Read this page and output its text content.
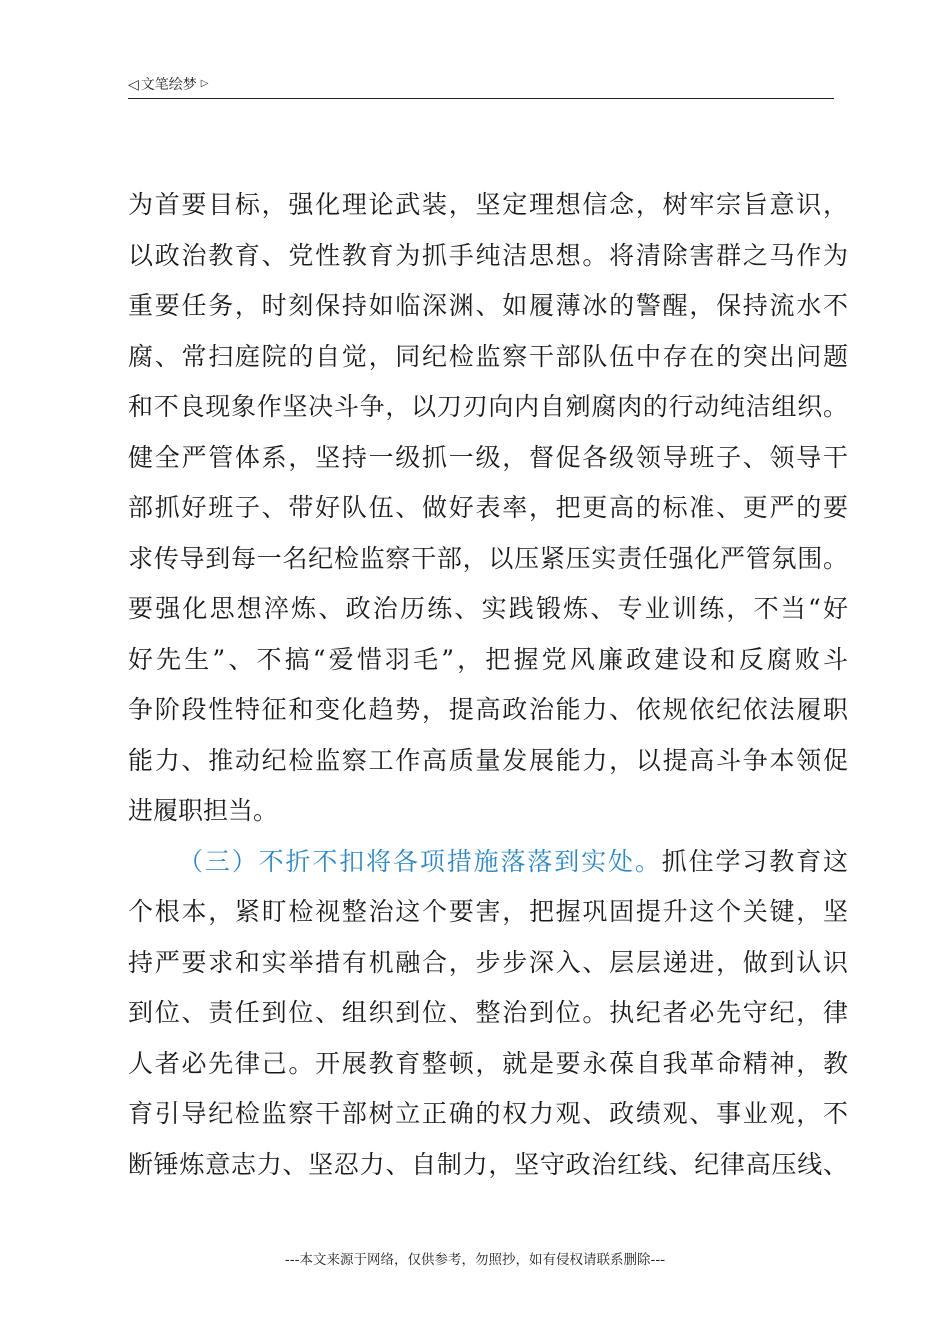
◁ 文笔绘梦 ▷
为首要目标，强化理论武装，坚定理想信念，树牢宗旨意识，
以政治教育、党性教育为抓手纯洁思想。将清除害群之马作为
重要任务，时刻保持如临深渊、如履薄冰的警醒，保持流水不
腐、常扫庭院的自觉，同纪检监察干部队伍中存在的突出问题
和不良现象作坚决斗争，以刀刃向内自剜腐肉的行动纯洁组织。
健全严管体系，坚持一级抓一级，督促各级领导班子、领导干
部抓好班子、带好队伍、做好表率，把更高的标准、更严的要
求传导到每一名纪检监察干部，以压紧压实责任强化严管氛围。
要强化思想淬炼、政治历练、实践锻炼、专业训练，不当“好
好先生”、不搞“爱惜羽毛”，把握党风廉政建设和反腐败斗
争阶段性特征和变化趋势，提高政治能力、依规依纪依法履职
能力、推动纪检监察工作高质量发展能力，以提高斗争本领促
进履职担当。
（三）不折不扣将各项措施落落到实处。抓住学习教育这
个根本，紧盯检视整治这个要害，把握巩固提升这个关键，坚
持严要求和实举措有机融合，步步深入、层层递进，做到认识
到位、责任到位、组织到位、整治到位。执纪者必先守纪，律
人者必先律己。开展教育整顿，就是要永葆自我革命精神，教
育引导纪检监察干部树立正确的权力观、政绩观、事业观，不
断锤炼意志力、坚忍力、自制力，坚守政治红线、纪律高压线、
---本文来源于网络，仅供参考，勿照抄，如有侵权请联系删除---
